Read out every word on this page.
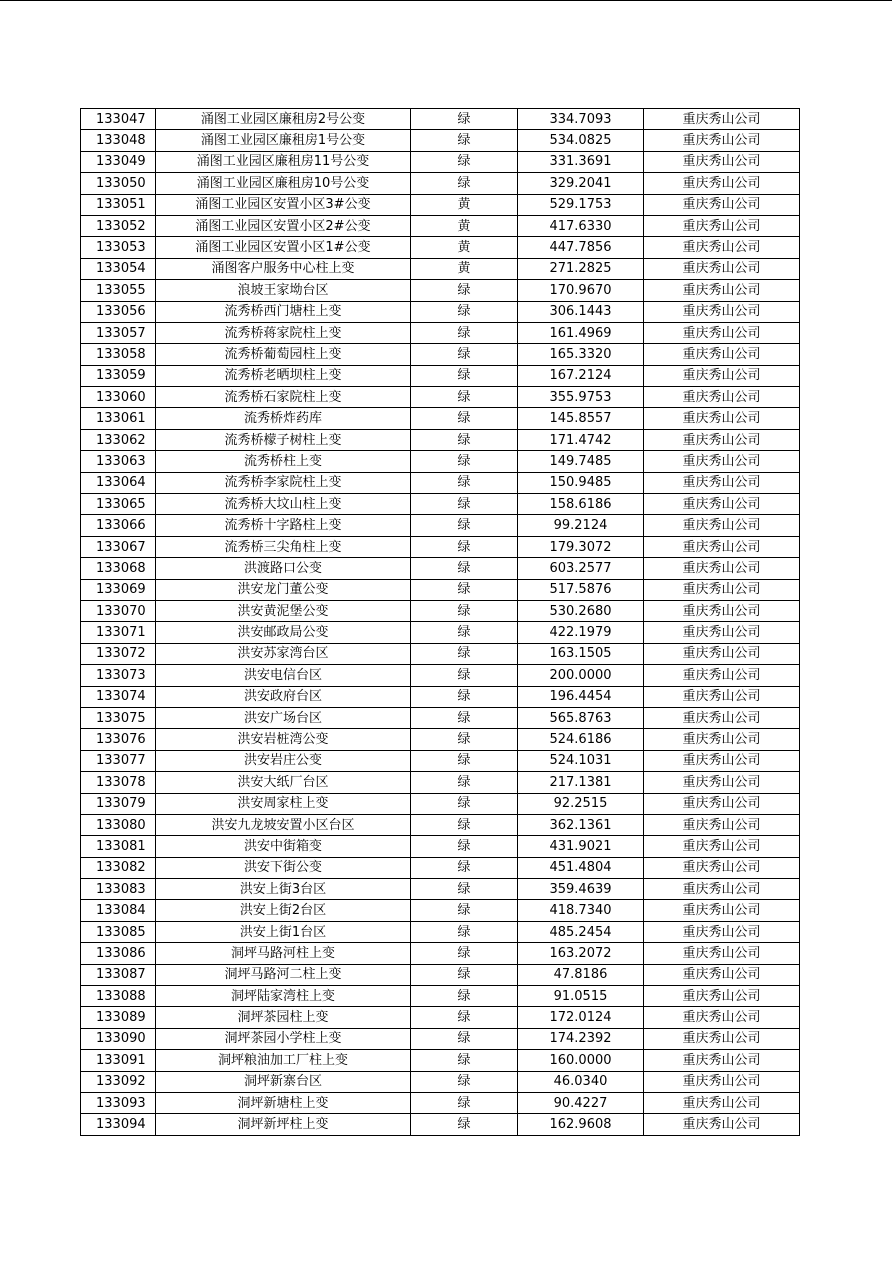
133047	涌图工业园区廉租房2号公变	绿	334.7093	重庆秀山公司
133048	涌图工业园区廉租房1号公变	绿	534.0825	重庆秀山公司
133049	涌图工业园区廉租房11号公变	绿	331.3691	重庆秀山公司
133050	涌图工业园区廉租房10号公变	绿	329.2041	重庆秀山公司
133051	涌图工业园区安置小区3#公变	黄	529.1753	重庆秀山公司
133052	涌图工业园区安置小区2#公变	黄	417.6330	重庆秀山公司
133053	涌图工业园区安置小区1#公变	黄	447.7856	重庆秀山公司
133054	涌图客户服务中心柱上变	黄	271.2825	重庆秀山公司
133055	浪坡王家坳台区	绿	170.9670	重庆秀山公司
133056	流秀桥西门塘柱上变	绿	306.1443	重庆秀山公司
133057	流秀桥蒋家院柱上变	绿	161.4969	重庆秀山公司
133058	流秀桥葡萄园柱上变	绿	165.3320	重庆秀山公司
133059	流秀桥老晒坝柱上变	绿	167.2124	重庆秀山公司
133060	流秀桥石家院柱上变	绿	355.9753	重庆秀山公司
133061	流秀桥炸药库	绿	145.8557	重庆秀山公司
133062	流秀桥檬子树柱上变	绿	171.4742	重庆秀山公司
133063	流秀桥柱上变	绿	149.7485	重庆秀山公司
133064	流秀桥李家院柱上变	绿	150.9485	重庆秀山公司
133065	流秀桥大坟山柱上变	绿	158.6186	重庆秀山公司
133066	流秀桥十字路柱上变	绿	99.2124	重庆秀山公司
133067	流秀桥三尖角柱上变	绿	179.3072	重庆秀山公司
133068	洪渡路口公变	绿	603.2577	重庆秀山公司
133069	洪安龙门董公变	绿	517.5876	重庆秀山公司
133070	洪安黄泥堡公变	绿	530.2680	重庆秀山公司
133071	洪安邮政局公变	绿	422.1979	重庆秀山公司
133072	洪安苏家湾台区	绿	163.1505	重庆秀山公司
133073	洪安电信台区	绿	200.0000	重庆秀山公司
133074	洪安政府台区	绿	196.4454	重庆秀山公司
133075	洪安广场台区	绿	565.8763	重庆秀山公司
133076	洪安岩桩湾公变	绿	524.6186	重庆秀山公司
133077	洪安岩庄公变	绿	524.1031	重庆秀山公司
133078	洪安大纸厂台区	绿	217.1381	重庆秀山公司
133079	洪安周家柱上变	绿	92.2515	重庆秀山公司
133080	洪安九龙坡安置小区台区	绿	362.1361	重庆秀山公司
133081	洪安中街箱变	绿	431.9021	重庆秀山公司
133082	洪安下街公变	绿	451.4804	重庆秀山公司
133083	洪安上街3台区	绿	359.4639	重庆秀山公司
133084	洪安上街2台区	绿	418.7340	重庆秀山公司
133085	洪安上街1台区	绿	485.2454	重庆秀山公司
133086	洞坪马路河柱上变	绿	163.2072	重庆秀山公司
133087	洞坪马路河二柱上变	绿	47.8186	重庆秀山公司
133088	洞坪陆家湾柱上变	绿	91.0515	重庆秀山公司
133089	洞坪茶园柱上变	绿	172.0124	重庆秀山公司
133090	洞坪茶园小学柱上变	绿	174.2392	重庆秀山公司
133091	洞坪粮油加工厂柱上变	绿	160.0000	重庆秀山公司
133092	洞坪新寨台区	绿	46.0340	重庆秀山公司
133093	洞坪新塘柱上变	绿	90.4227	重庆秀山公司
133094	洞坪新坪柱上变	绿	162.9608	重庆秀山公司
